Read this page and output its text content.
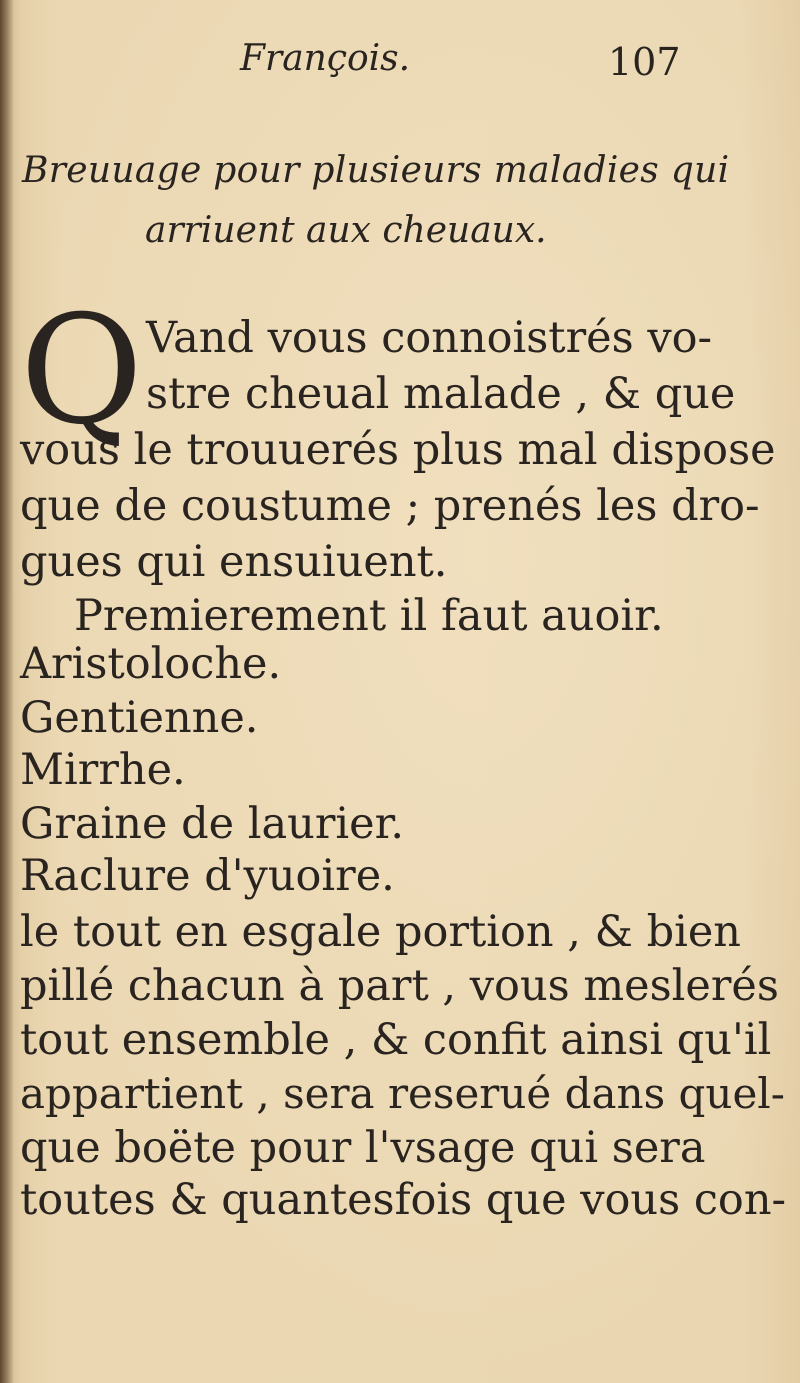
François.	107
Breuuage pour plusieurs maladies qui
arriuent aux cheuaux.
Q Vand vous connoistrés vo-
stre cheual malade , & que
vous le trouuerés plus mal dispose
que de coustume ; prenés les dro-
gues qui ensuiuent.
Premierement il faut auoir.
Aristoloche.
Gentienne.
Mirrhe.
Graine de laurier.
Raclure d'yuoire.
le tout en esgale portion , & bien
pillé chacun à part , vous meslerés
tout ensemble , & confit ainsi qu'il
appartient , sera reserué dans quel-
que boëte pour l'vsage qui sera
toutes & quantesfois que vous con-
